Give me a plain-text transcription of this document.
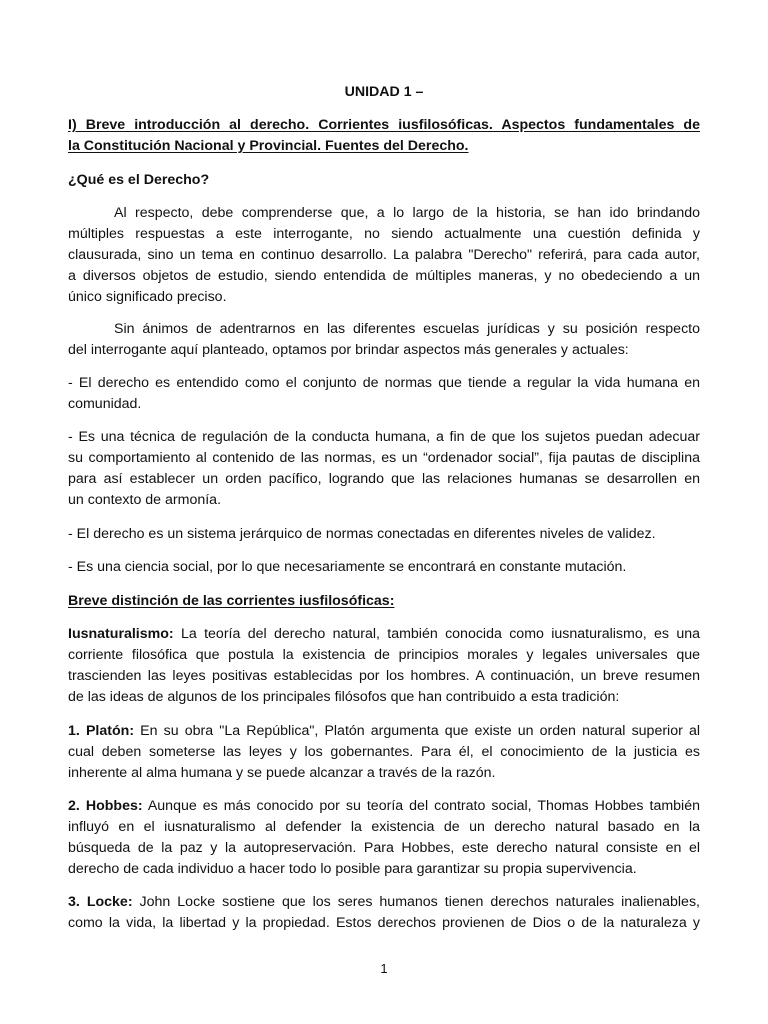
UNIDAD 1 –
I) Breve introducción al derecho. Corrientes iusfilosóficas. Aspectos fundamentales de
la Constitución Nacional y Provincial. Fuentes del Derecho.
¿Qué es el Derecho?
Al respecto, debe comprenderse que, a lo largo de la historia, se han ido brindando
múltiples respuestas a este interrogante, no siendo actualmente una cuestión definida y
clausurada, sino un tema en continuo desarrollo. La palabra "Derecho" referirá, para cada autor,
a diversos objetos de estudio, siendo entendida de múltiples maneras, y no obedeciendo a un
único significado preciso.
Sin ánimos de adentrarnos en las diferentes escuelas jurídicas y su posición respecto
del interrogante aquí planteado, optamos por brindar aspectos más generales y actuales:
- El derecho es entendido como el conjunto de normas que tiende a regular la vida humana en
comunidad.
- Es una técnica de regulación de la conducta humana, a fin de que los sujetos puedan adecuar
su comportamiento al contenido de las normas, es un “ordenador social”, fija pautas de disciplina
para así establecer un orden pacífico, logrando que las relaciones humanas se desarrollen en
un contexto de armonía.
- El derecho es un sistema jerárquico de normas conectadas en diferentes niveles de validez.
- Es una ciencia social, por lo que necesariamente se encontrará en constante mutación.
Breve distinción de las corrientes iusfilosóficas:
Iusnaturalismo: La teoría del derecho natural, también conocida como iusnaturalismo, es una
corriente filosófica que postula la existencia de principios morales y legales universales que
trascienden las leyes positivas establecidas por los hombres. A continuación, un breve resumen
de las ideas de algunos de los principales filósofos que han contribuido a esta tradición:
1. Platón: En su obra "La República", Platón argumenta que existe un orden natural superior al
cual deben someterse las leyes y los gobernantes. Para él, el conocimiento de la justicia es
inherente al alma humana y se puede alcanzar a través de la razón.
2. Hobbes: Aunque es más conocido por su teoría del contrato social, Thomas Hobbes también
influyó en el iusnaturalismo al defender la existencia de un derecho natural basado en la
búsqueda de la paz y la autopreservación. Para Hobbes, este derecho natural consiste en el
derecho de cada individuo a hacer todo lo posible para garantizar su propia supervivencia.
3. Locke: John Locke sostiene que los seres humanos tienen derechos naturales inalienables,
como la vida, la libertad y la propiedad. Estos derechos provienen de Dios o de la naturaleza y
1
